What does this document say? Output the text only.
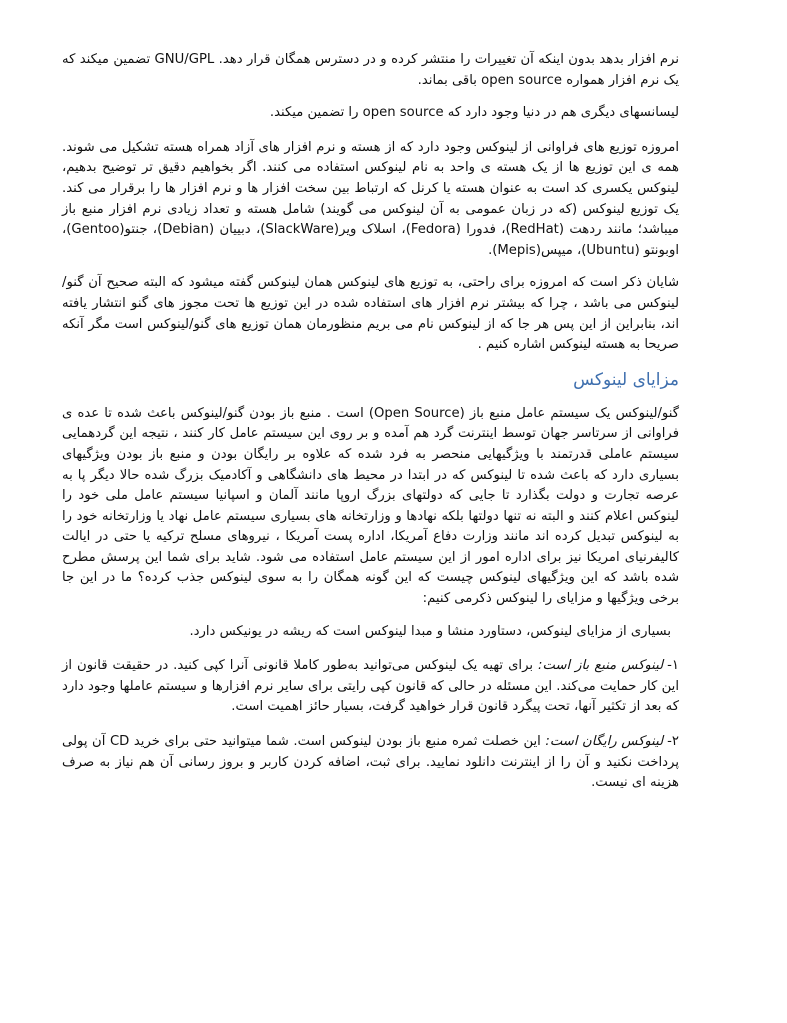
نرم افزار بدهد بدون اینکه آن تغییرات را منتشر کرده و در دسترس همگان قرار دهد. GNU/GPL تضمین میکند که یک نرم افزار همواره open source باقی بماند.

لیسانسهای دیگری هم در دنیا وجود دارد که open source را تضمین میکند.

امروزه توزیع های فراوانی از لینوکس وجود دارد که از هسته و نرم افزار های آزاد همراه هسته تشکیل می شوند. همه ی این توزیع ها از یک هسته ی واحد به نام لینوکس استفاده می کنند. اگر بخواهیم دقیق تر توضیح بدهیم، لینوکس یکسری کد است به عنوان هسته یا کرنل که ارتباط بین سخت افزار ها و نرم افزار ها را برقرار می کند. یک توزیع لینوکس (که در زبان عمومی به آن لینوکس می گویند) شامل هسته و تعداد زیادی نرم افزار منبع باز میباشد؛ مانند ردهت (RedHat)، فدورا (Fedora)، اسلاک ویر(SlackWare)، دبییان (Debian)، جنتو(Gentoo)، اوبونتو (Ubuntu)، میپس(Mepis).

شایان ذکر است که امروزه برای راحتی، به توزیع های لینوکس همان لینوکس گفته میشود که البته صحیح آن گنو/لینوکس می باشد ، چرا که بیشتر نرم افزار های استفاده شده در این توزیع ها تحت مجوز های گنو انتشار یافته اند، بنابراین از این پس هر جا که از لینوکس نام می بریم منظورمان همان توزیع های گنو/لینوکس است مگر آنکه صریحا به هسته لینوکس اشاره کنیم .

مزایای لینوکس

گنو/لینوکس یک سیستم عامل منبع باز (Open Source) است . منبع باز بودن گنو/لینوکس باعث شده تا عده ی فراوانی از سرتاسر جهان توسط اینترنت گرد هم آمده و بر روی این سیستم عامل کار کنند ، نتیجه این گردهمایی سیستم عاملی قدرتمند با ویژگیهایی منحصر به فرد شده که علاوه بر رایگان بودن و منبع باز بودن ویژگیهای بسیاری دارد که باعث شده تا لینوکس که در ابتدا در محیط های دانشگاهی و آکادمیک بزرگ شده حالا دیگر پا به عرصه تجارت و دولت بگذارد تا جایی که دولتهای بزرگ اروپا مانند آلمان و اسپانیا سیستم عامل ملی خود را لینوکس اعلام کنند و البته نه تنها دولتها بلکه نهادها و وزارتخانه های بسیاری سیستم عامل نهاد یا وزارتخانه خود را به لینوکس تبدیل کرده اند مانند وزارت دفاع آمریکا، اداره پست آمریکا ، نیروهای مسلح ترکیه یا حتی در ایالت کالیفرنیای امریکا نیز برای اداره امور از این سیستم عامل استفاده می شود. شاید برای شما این پرسش مطرح شده باشد که این ویژگیهای لینوکس چیست که این گونه همگان را به سوی لینوکس جذب کرده؟ ما در این جا برخی ویژگیها و مزایای را لینوکس ذکرمی کنیم:

بسیاری از مزایای لینوکس، دستاورد منشا و مبدا لینوکس است که ریشه در یونیکس دارد.

۱-لینوکس منبع باز است: برای تهیه یک لینوکس می‌توانید به‌طور کاملا قانونی آنرا کپی کنید. در حقیقت قانون از این کار حمایت می‌کند. این مسئله در حالی که قانون کپی رایتی برای سایر نرم افزارها و سیستم عاملها وجود دارد که بعد از تکثیر آنها، تحت پیگرد قانون قرار خواهید گرفت، بسیار حائز اهمیت است.

۲-لینوکس رایگان است: این خصلت ثمره منبع باز بودن لینوکس است. شما میتوانید حتی برای خرید CD آن پولی پرداخت نکنید و آن را از اینترنت دانلود نمایید. برای ثبت، اضافه کردن کاربر و بروز رسانی آن هم نیاز به صرف هزینه ای نیست.
